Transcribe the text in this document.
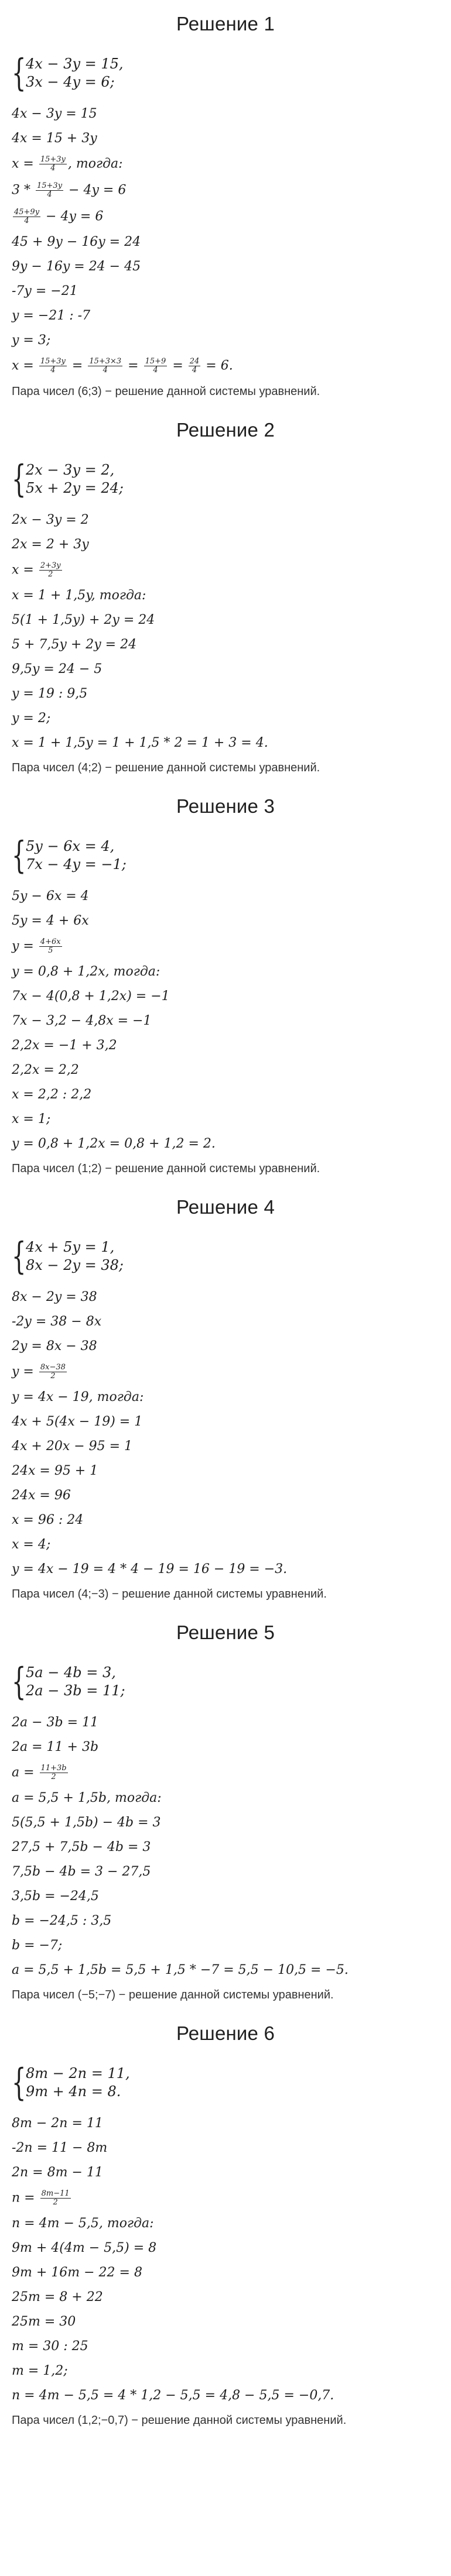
Решение 1
{ 4x − 3y = 15,
3x − 4y = 6;
4x − 3y = 15
4x = 15 + 3y
$x = \frac{15+3y}{4}$ , тогда:
$3 * \frac{15+3y}{4} - 4y = 6$
$\frac{45+9y}{4} - 4y = 6$
45 + 9y − 16y = 24
9y − 16y = 24 − 45
-7y = −21
y = −21 : -7
y = 3;
$x = \frac{15+3y}{4} = \frac{15+3\times 3}{4} = \frac{15+9}{4} = \frac{24}{4} = 6$.
Пара чисел (6;3) − решение данной системы уравнений.
Решение 2
{ 2x − 3y = 2,
5x + 2y = 24;
2x − 3y = 2
2x = 2 + 3y
$x = \frac{2+3y}{2}$
x = 1 + 1,5y, тогда:
5(1 + 1,5y) + 2y = 24
5 + 7,5y + 2y = 24
9,5y = 24 − 5
y = 19 : 9,5
y = 2;
x = 1 + 1,5y = 1 + 1,5 * 2 = 1 + 3 = 4.
Пара чисел (4;2) − решение данной системы уравнений.
Решение 3
{ 5y − 6x = 4,
7x − 4y = −1;
5y − 6x = 4
5y = 4 + 6x
$y = \frac{4+6x}{5}$
y = 0,8 + 1,2x, тогда:
7x − 4(0,8 + 1,2x) = −1
7x − 3,2 − 4,8x = −1
2,2x = −1 + 3,2
2,2x = 2,2
x = 2,2 : 2,2
x = 1;
y = 0,8 + 1,2x = 0,8 + 1,2 = 2.
Пара чисел (1;2) − решение данной системы уравнений.
Решение 4
{ 4x + 5y = 1,
8x − 2y = 38;
8x − 2y = 38
-2y = 38 − 8x
2y = 8x − 38
$y = \frac{8x-38}{2}$
y = 4x − 19, тогда:
4x + 5(4x − 19) = 1
4x + 20x − 95 = 1
24x = 95 + 1
24x = 96
x = 96 : 24
x = 4;
y = 4x − 19 = 4 * 4 − 19 = 16 − 19 = −3.
Пара чисел (4;−3) − решение данной системы уравнений.
Решение 5
{ 5a − 4b = 3,
2a − 3b = 11;
2a − 3b = 11
2a = 11 + 3b
$a = \frac{11+3b}{2}$
a = 5,5 + 1,5b, тогда:
5(5,5 + 1,5b) − 4b = 3
27,5 + 7,5b − 4b = 3
7,5b − 4b = 3 − 27,5
3,5b = −24,5
b = −24,5 : 3,5
b = −7;
a = 5,5 + 1,5b = 5,5 + 1,5 * −7 = 5,5 − 10,5 = −5.
Пара чисел (−5;−7) − решение данной системы уравнений.
Решение 6
{ 8m − 2n = 11,
9m + 4n = 8.
8m − 2n = 11
-2n = 11 − 8m
2n = 8m − 11
$n = \frac{8m-11}{2}$
n = 4m − 5,5, тогда:
9m + 4(4m − 5,5) = 8
9m + 16m − 22 = 8
25m = 8 + 22
25m = 30
m = 30 : 25
m = 1,2;
n = 4m − 5,5 = 4 * 1,2 − 5,5 = 4,8 − 5,5 = −0,7.
Пара чисел (1,2;−0,7) − решение данной системы уравнений.
